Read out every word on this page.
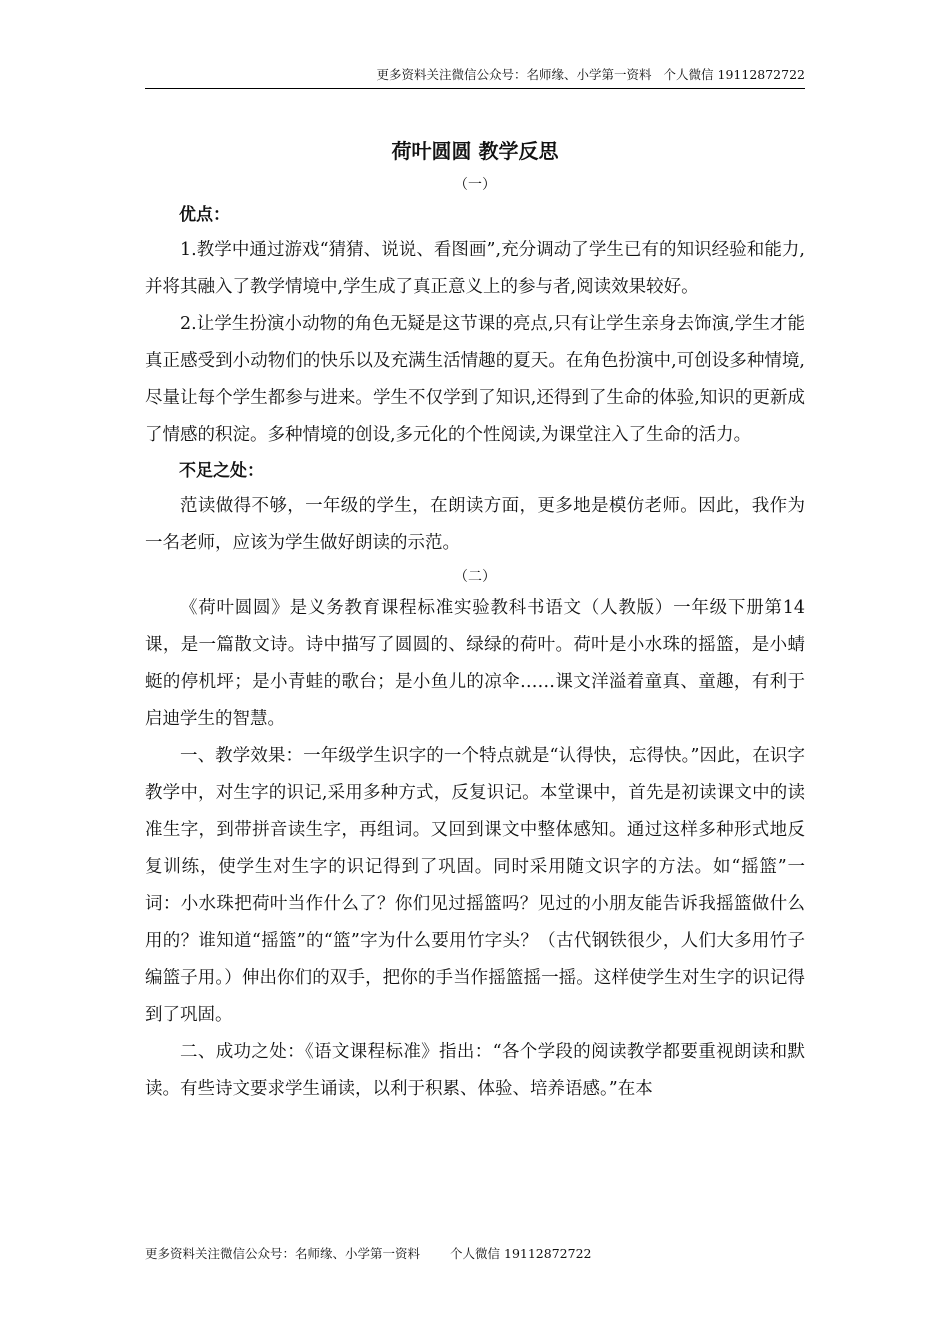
更多资料关注微信公众号：名师缘、小学第一资料 个人微信 19112872722
荷叶圆圆 教学反思
（一）
优点：

1.教学中通过游戏“猜猜、说说、看图画”,充分调动了学生已有的知识经验和能力,并将其融入了教学情境中,学生成了真正意义上的参与者,阅读效果较好。

2.让学生扮演小动物的角色无疑是这节课的亮点,只有让学生亲身去饰演,学生才能真正感受到小动物们的快乐以及充满生活情趣的夏天。在角色扮演中,可创设多种情境,尽量让每个学生都参与进来。学生不仅学到了知识,还得到了生命的体验,知识的更新成了情感的积淀。多种情境的创设,多元化的个性阅读,为课堂注入了生命的活力。

不足之处：

范读做得不够，一年级的学生，在朗读方面，更多地是模仿老师。因此，我作为一名老师，应该为学生做好朗读的示范。

（二）

《荷叶圆圆》是义务教育课程标准实验教科书语文（人教版）一年级下册第14课，是一篇散文诗。诗中描写了圆圆的、绿绿的荷叶。荷叶是小水珠的摇篮，是小蜻蜓的停机坪；是小青蛙的歌台；是小鱼儿的凉伞……课文洋溢着童真、童趣，有利于启迪学生的智慧。

一、教学效果：一年级学生识字的一个特点就是“认得快，忘得快。”因此，在识字教学中，对生字的识记,采用多种方式，反复识记。本堂课中，首先是初读课文中的读准生字，到带拼音读生字，再组词。又回到课文中整体感知。通过这样多种形式地反复训练，使学生对生字的识记得到了巩固。同时采用随文识字的方法。如“摇篮”一词：小水珠把荷叶当作什么了？你们见过摇篮吗？见过的小朋友能告诉我摇篮做什么用的？谁知道“摇篮”的“篮”字为什么要用竹字头？（古代钢铁很少，人们大多用竹子编篮子用。）伸出你们的双手，把你的手当作摇篮摇一摇。这样使学生对生字的识记得到了巩固。

二、成功之处：《语文课程标准》指出：“各个学段的阅读教学都要重视朗读和默读。有些诗文要求学生诵读，以利于积累、体验、培养语感。”在本

更多资料关注微信公众号：名师缘、小学第一资料 个人微信 19112872722
